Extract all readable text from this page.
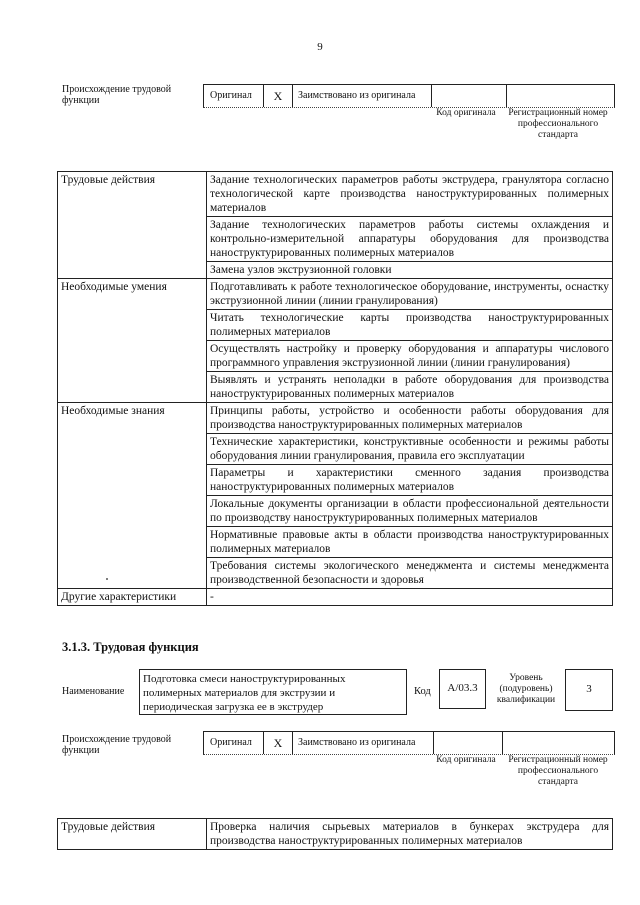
9
Происхождение трудовой функции	Оригинал	X	Заимствовано из оригинала
Код оригинала	Регистрационный номер профессионального стандарта
Трудовые действия	Задание технологических параметров работы экструдера, гранулятора согласно технологической карте производства наноструктурированных полимерных материалов
	Задание технологических параметров работы системы охлаждения и контрольно-измерительной аппаратуры оборудования для производства наноструктурированных полимерных материалов
	Замена узлов экструзионной головки
Необходимые умения	Подготавливать к работе технологическое оборудование, инструменты, оснастку экструзионной линии (линии гранулирования)
	Читать технологические карты производства наноструктурированных полимерных материалов
	Осуществлять настройку и проверку оборудования и аппаратуры числового программного управления экструзионной линии (линии гранулирования)
	Выявлять и устранять неполадки в работе оборудования для производства наноструктурированных полимерных материалов
Необходимые знания	Принципы работы, устройство и особенности работы оборудования для производства наноструктурированных полимерных материалов
	Технические характеристики, конструктивные особенности и режимы работы оборудования линии гранулирования, правила его эксплуатации
	Параметры и характеристики сменного задания производства наноструктурированных полимерных материалов
	Локальные документы организации в области профессиональной деятельности по производству наноструктурированных полимерных материалов
	Нормативные правовые акты в области производства наноструктурированных полимерных материалов
	Требования системы экологического менеджмента и системы менеджмента производственной безопасности и здоровья
Другие характеристики	-
3.1.3. Трудовая функция
Наименование
Подготовка смеси наноструктурированных полимерных материалов для экструзии и периодическая загрузка ее в экструдер
Код	A/03.3
Уровень (подуровень) квалификации
3
Происхождение трудовой функции
Оригинал	X	Заимствовано из оригинала
Код оригинала	Регистрационный номер профессионального стандарта
Трудовые действия	Проверка наличия сырьевых материалов в бункерах экструдера для производства наноструктурированных полимерных материалов
